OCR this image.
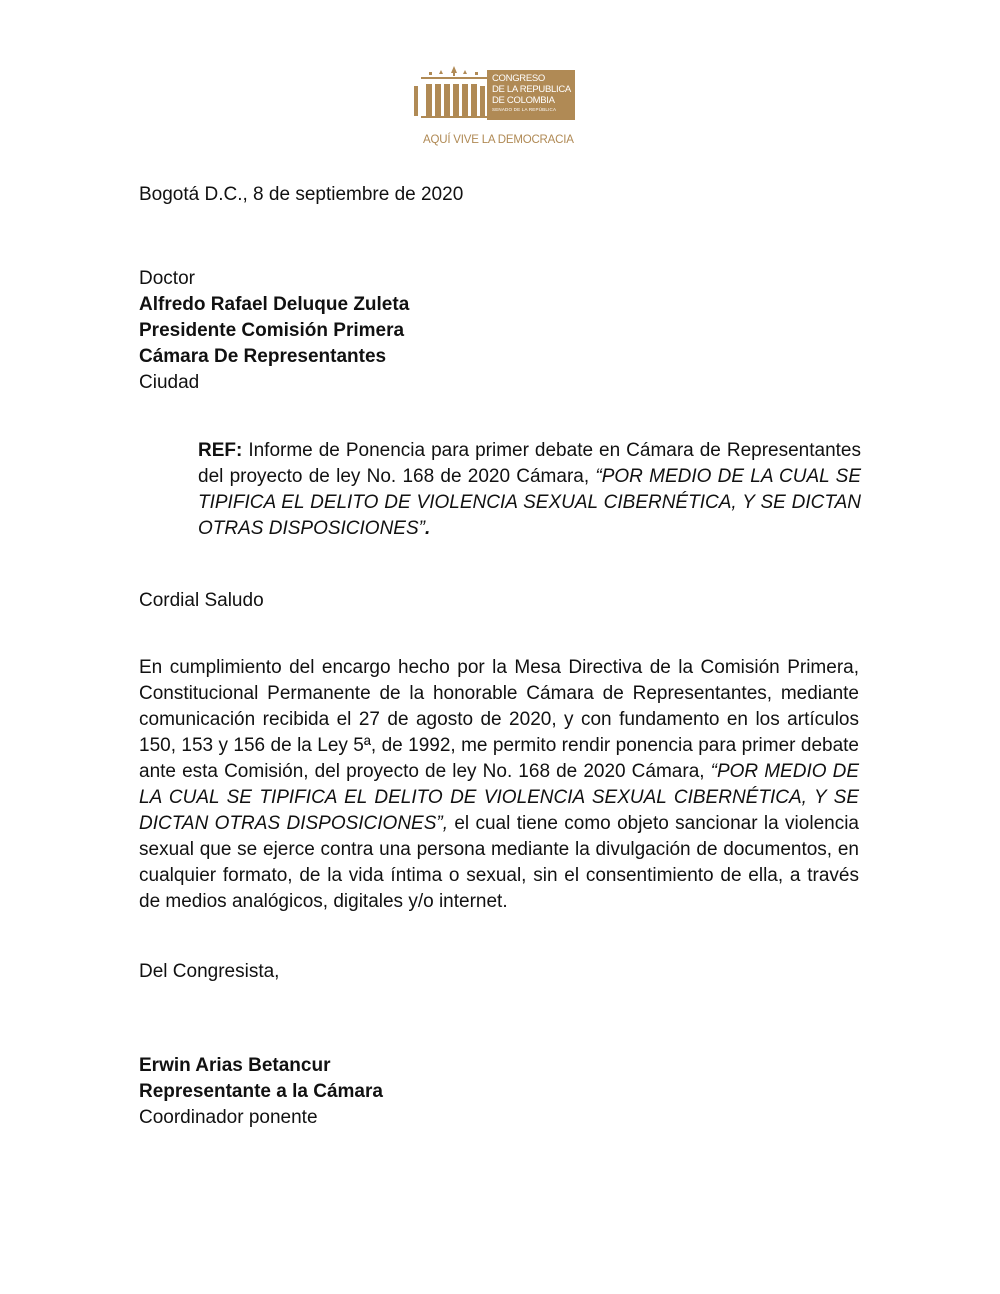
CONGRESO
DE LA REPUBLICA
DE COLOMBIA
SENADO DE LA REPÚBLICA
AQUÍ VIVE LA DEMOCRACIA

Bogotá D.C., 8 de septiembre de 2020

Doctor
Alfredo Rafael Deluque Zuleta
Presidente Comisión Primera
Cámara De Representantes
Ciudad

REF: Informe de Ponencia para primer debate en Cámara de Representantes del proyecto de ley No. 168 de 2020 Cámara, “POR MEDIO DE LA CUAL SE TIPIFICA EL DELITO DE VIOLENCIA SEXUAL CIBERNÉTICA, Y SE DICTAN OTRAS DISPOSICIONES”.

Cordial Saludo

En cumplimiento del encargo hecho por la Mesa Directiva de la Comisión Primera, Constitucional Permanente de la honorable Cámara de Representantes, mediante comunicación recibida el 27 de agosto de 2020, y con fundamento en los artículos 150, 153 y 156 de la Ley 5ª, de 1992, me permito rendir ponencia para primer debate ante esta Comisión, del proyecto de ley No. 168 de 2020 Cámara, “POR MEDIO DE LA CUAL SE TIPIFICA EL DELITO DE VIOLENCIA SEXUAL CIBERNÉTICA, Y SE DICTAN OTRAS DISPOSICIONES”, el cual tiene como objeto sancionar la violencia sexual que se ejerce contra una persona mediante la divulgación de documentos, en cualquier formato, de la vida íntima o sexual, sin el consentimiento de ella, a través de medios analógicos, digitales y/o internet.

Del Congresista,

Erwin Arias Betancur
Representante a la Cámara
Coordinador ponente
